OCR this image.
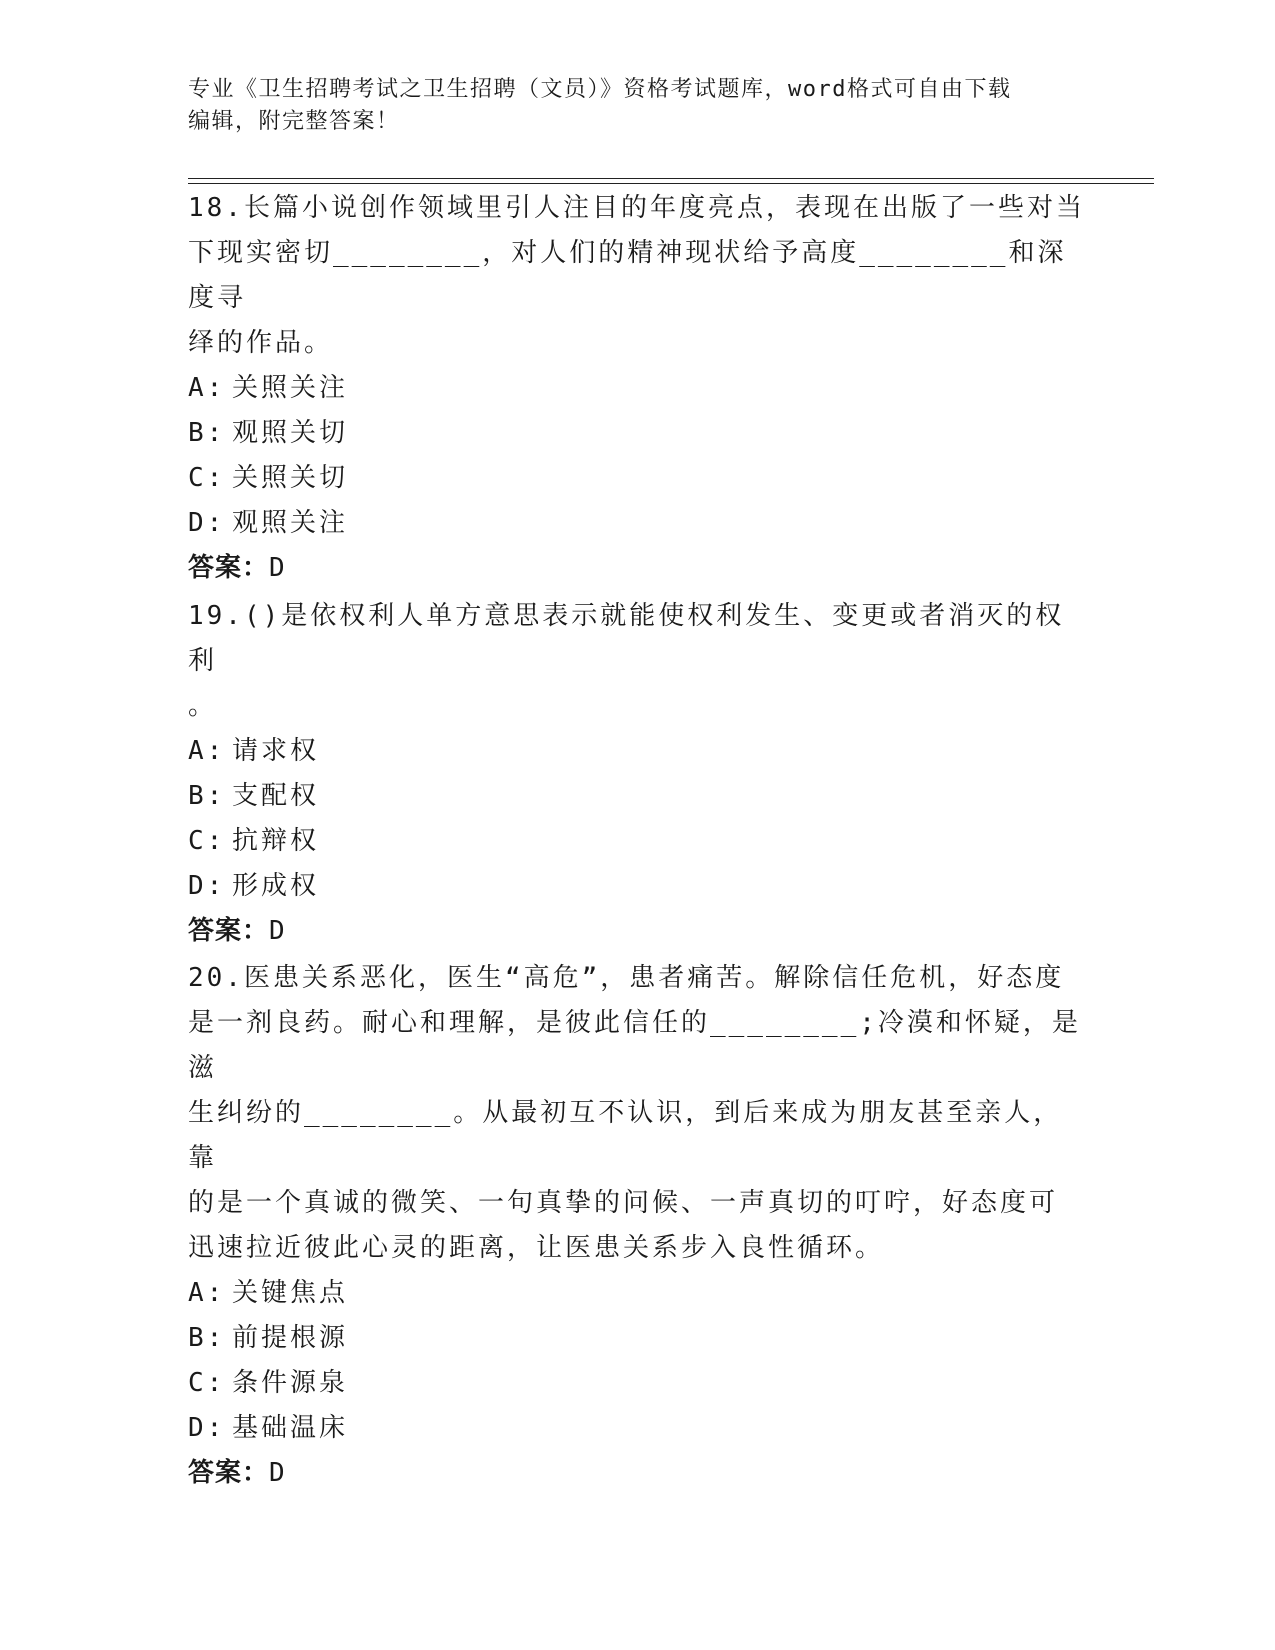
专业《卫生招聘考试之卫生招聘（文员）》资格考试题库，word格式可自由下载
编辑，附完整答案！
18.长篇小说创作领域里引人注目的年度亮点，表现在出版了一些对当
下现实密切________，对人们的精神现状给予高度________和深度寻
绎的作品。
A: 关照关注
B: 观照关切
C: 关照关切
D: 观照关注
答案：D
19.()是依权利人单方意思表示就能使权利发生、变更或者消灭的权利
。
A: 请求权
B: 支配权
C: 抗辩权
D: 形成权
答案：D
20.医患关系恶化，医生“高危”，患者痛苦。解除信任危机，好态度
是一剂良药。耐心和理解，是彼此信任的________;冷漠和怀疑，是滋
生纠纷的________。从最初互不认识，到后来成为朋友甚至亲人，靠
的是一个真诚的微笑、一句真挚的问候、一声真切的叮咛，好态度可
迅速拉近彼此心灵的距离，让医患关系步入良性循环。
A: 关键焦点
B: 前提根源
C: 条件源泉
D: 基础温床
答案：D
